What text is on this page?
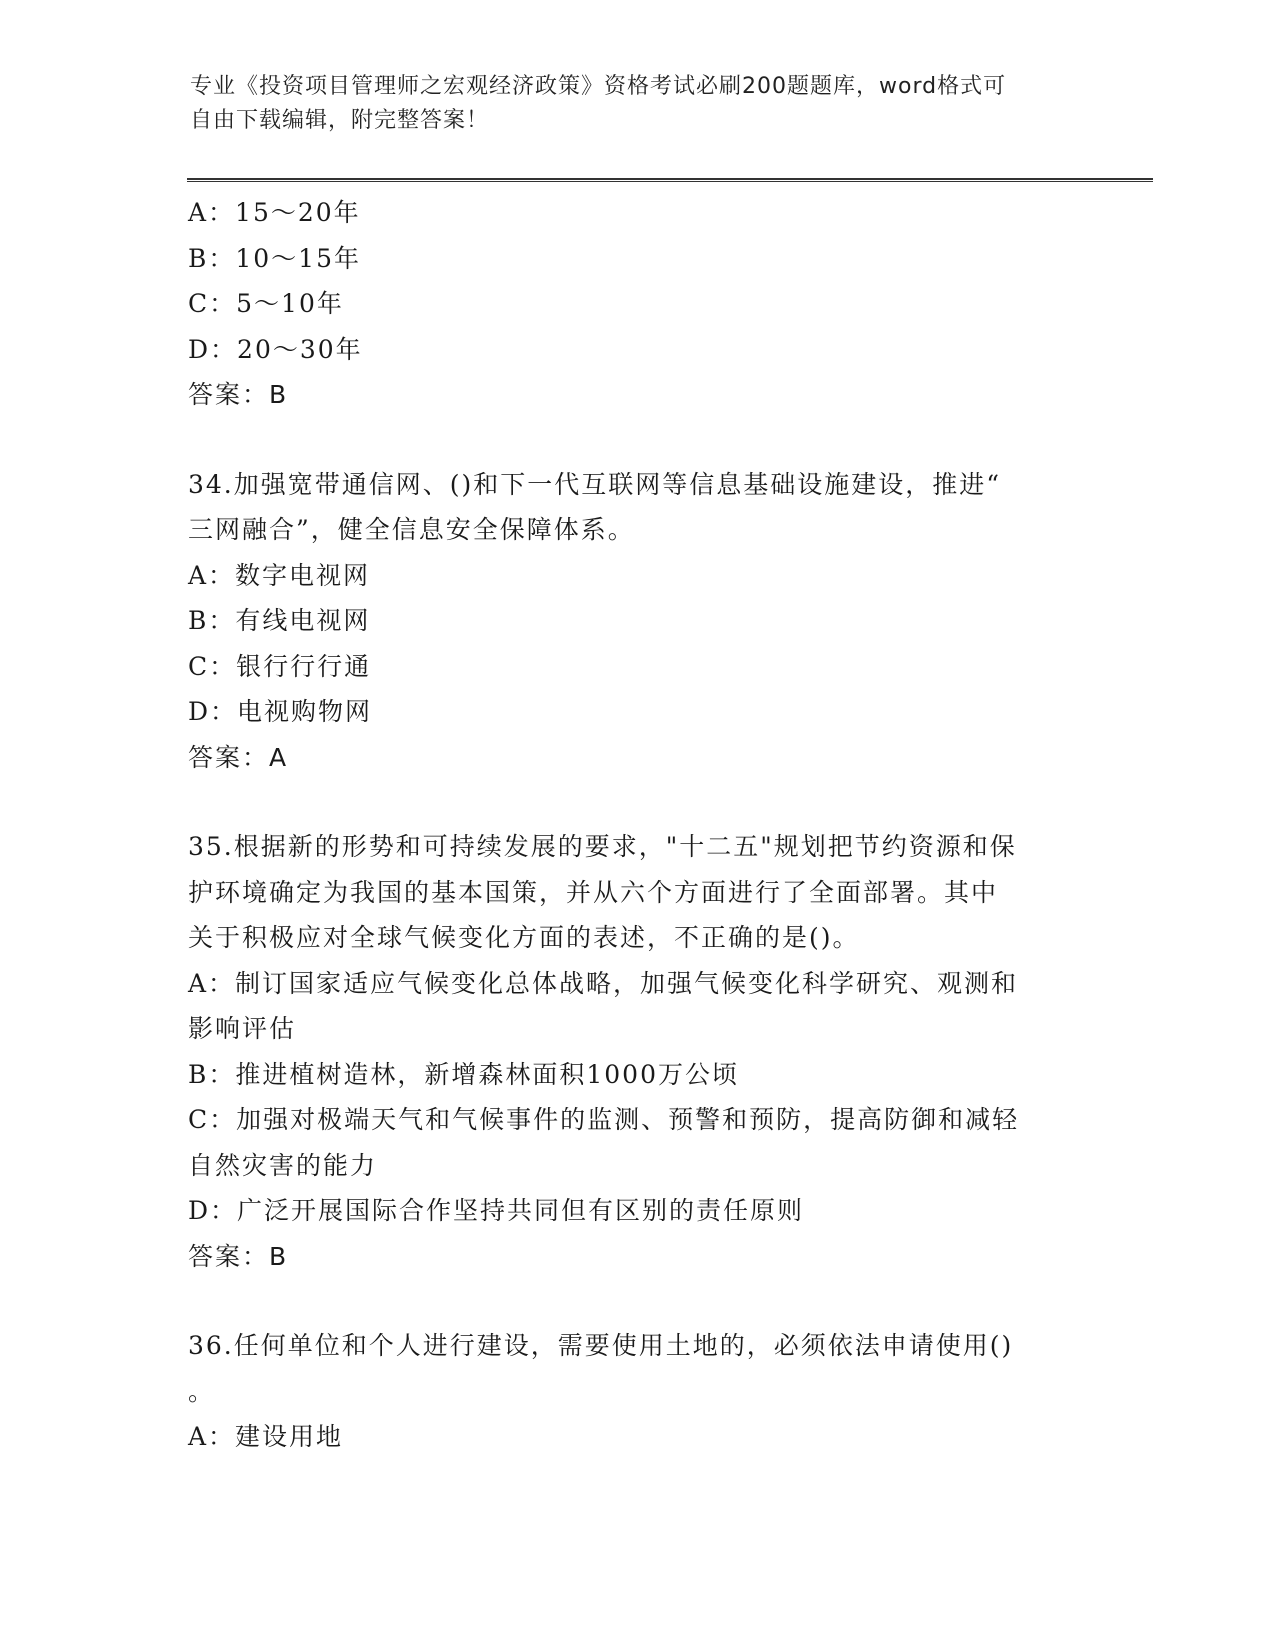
专业《投资项目管理师之宏观经济政策》资格考试必刷200题题库，word格式可
自由下载编辑，附完整答案！
A：15～20年
B：10～15年
C：5～10年
D：20～30年
答案：B
34.加强宽带通信网、()和下一代互联网等信息基础设施建设，推进“
三网融合”，健全信息安全保障体系。
A：数字电视网
B：有线电视网
C：银行行行通
D：电视购物网
答案：A
35.根据新的形势和可持续发展的要求，"十二五"规划把节约资源和保
护环境确定为我国的基本国策，并从六个方面进行了全面部署。其中
关于积极应对全球气候变化方面的表述，不正确的是()。
A：制订国家适应气候变化总体战略，加强气候变化科学研究、观测和
影响评估
B：推进植树造林，新增森林面积1000万公顷
C：加强对极端天气和气候事件的监测、预警和预防，提高防御和减轻
自然灾害的能力
D：广泛开展国际合作坚持共同但有区别的责任原则
答案：B
36.任何单位和个人进行建设，需要使用土地的，必须依法申请使用()
。
A：建设用地
